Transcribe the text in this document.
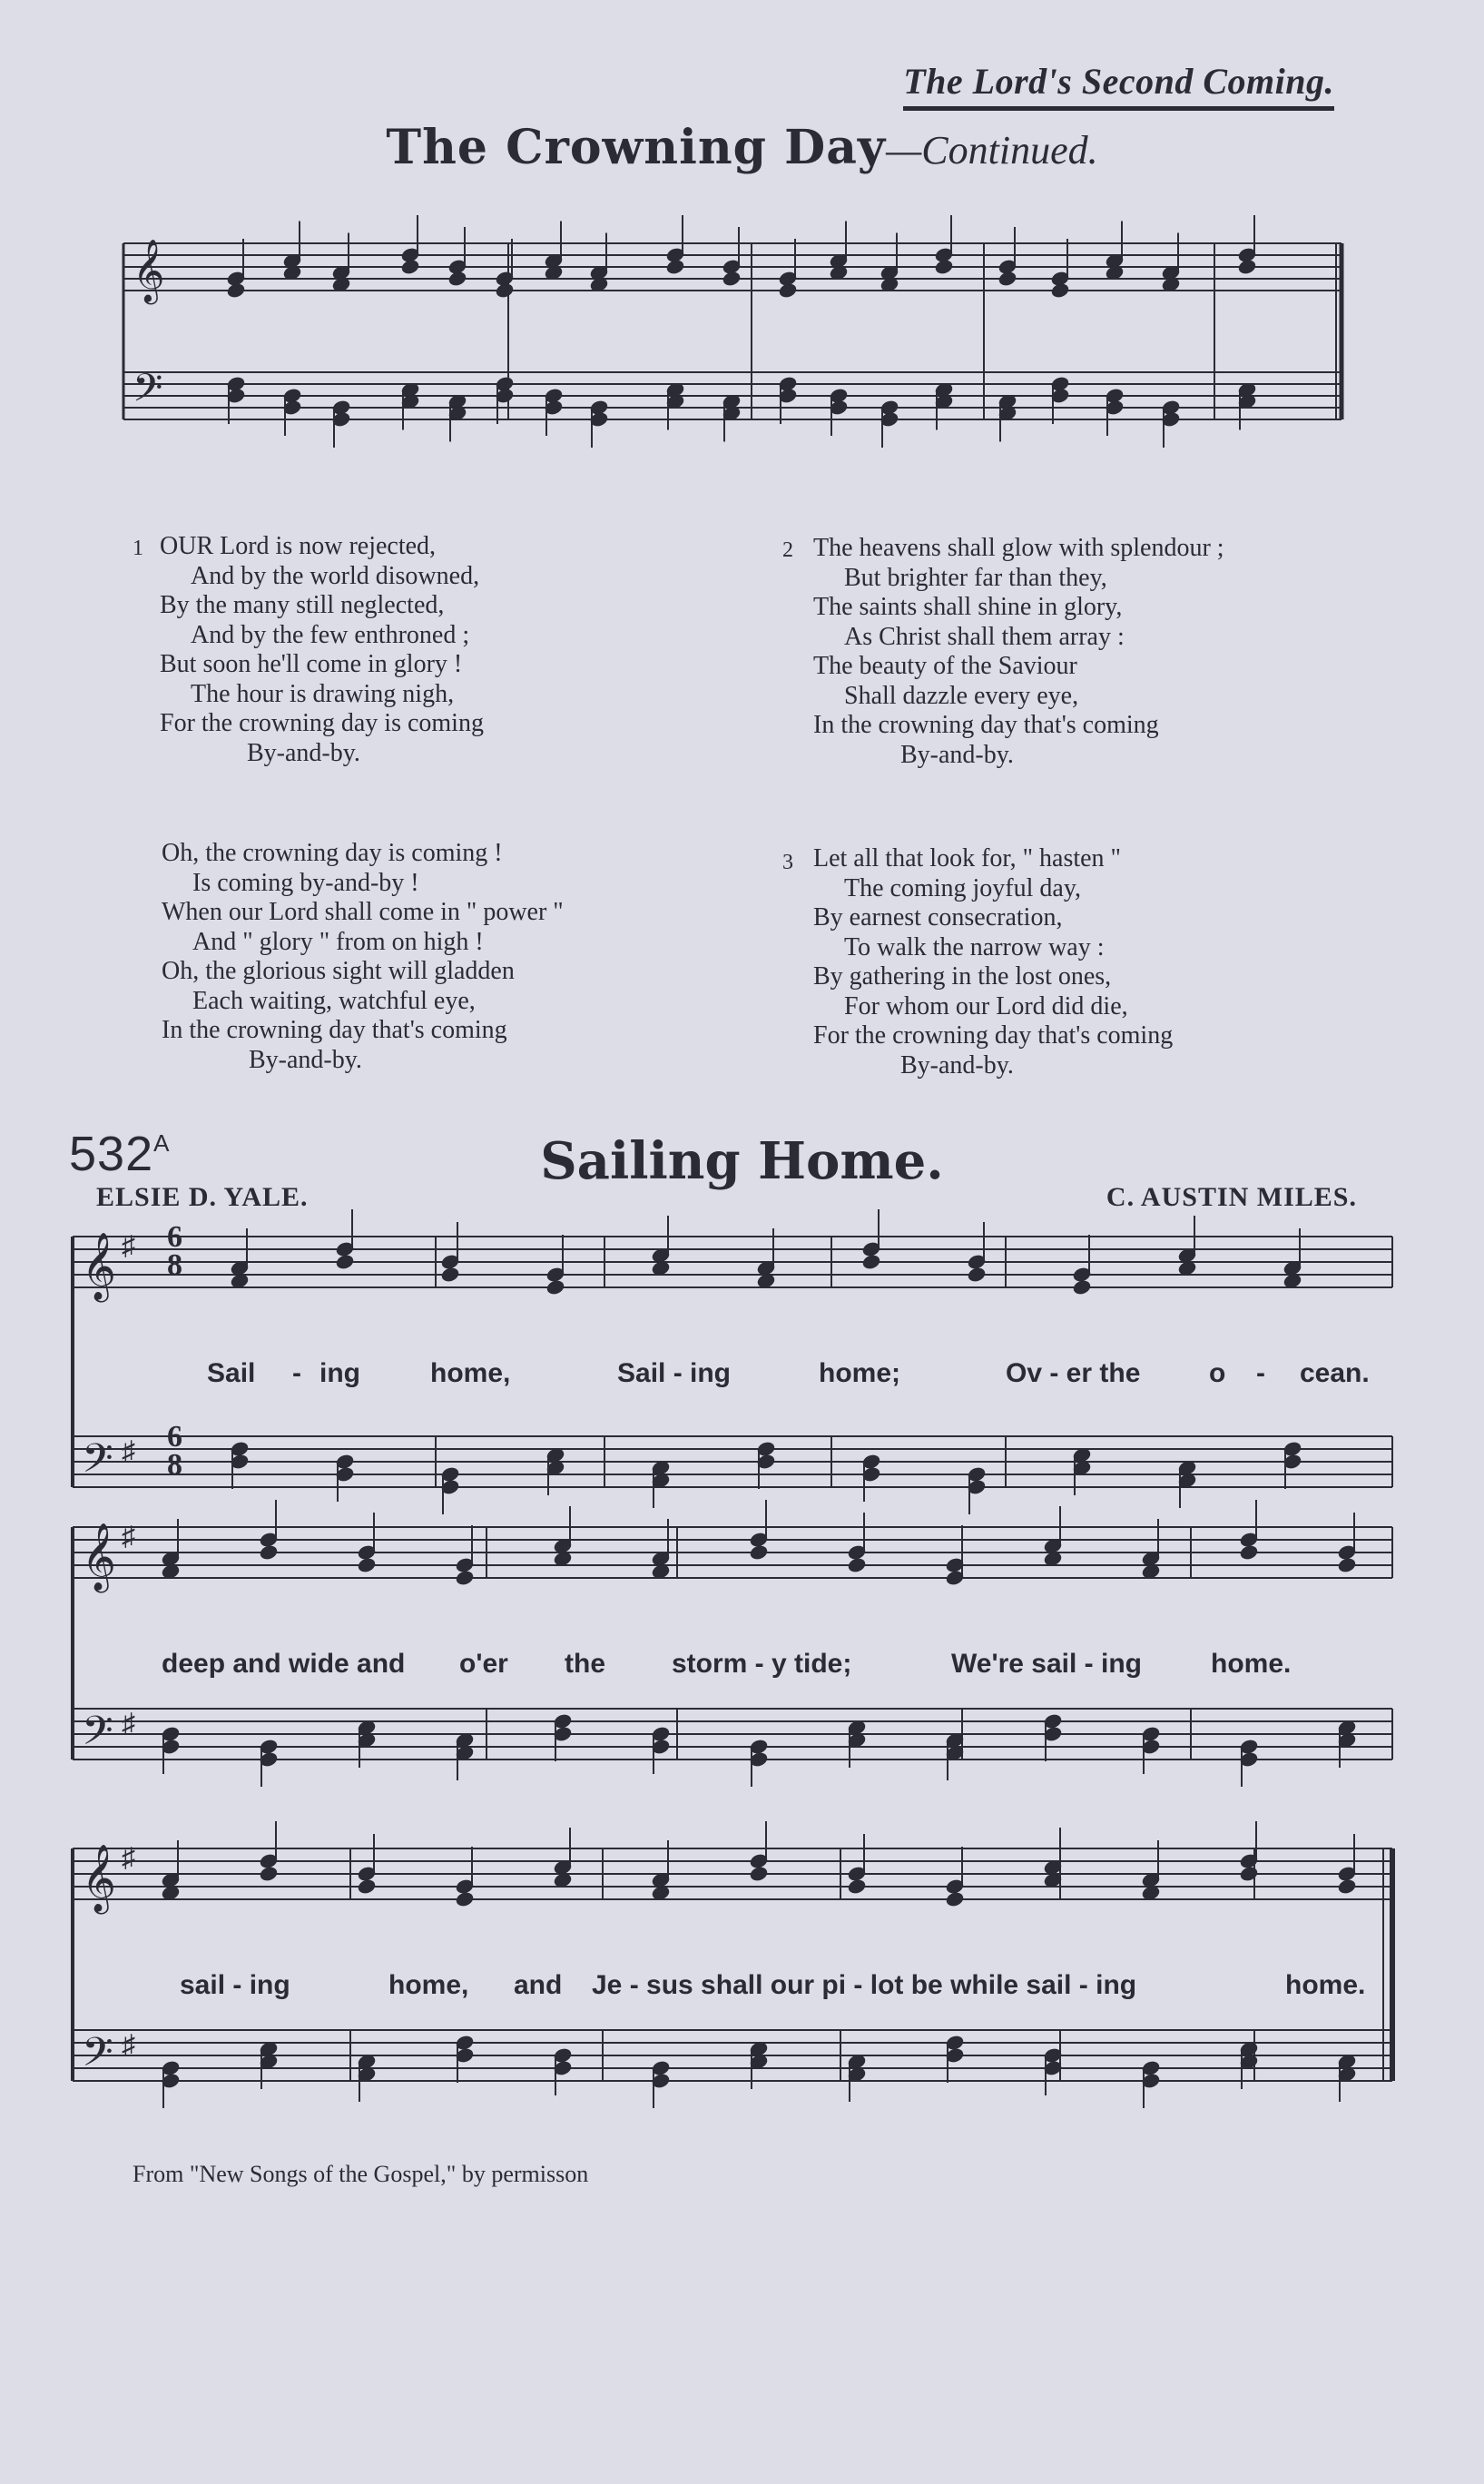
The Lord's Second Coming.
The Crowning Day—Continued.
𝄞
𝄢
1 OUR Lord is now rejected,
And by the world disowned,
By the many still neglected,
And by the few enthroned ;
But soon he'll come in glory !
The hour is drawing nigh,
For the crowning day is coming
By-and-by.
2 The heavens shall glow with splendour ;
But brighter far than they,
The saints shall shine in glory,
As Christ shall them array :
The beauty of the Saviour
Shall dazzle every eye,
In the crowning day that's coming
By-and-by.
Oh, the crowning day is coming !
Is coming by-and-by !
When our Lord shall come in " power "
And " glory " from on high !
Oh, the glorious sight will gladden
Each waiting, watchful eye,
In the crowning day that's coming
By-and-by.
3 Let all that look for, " hasten "
The coming joyful day,
By earnest consecration,
To walk the narrow way :
By gathering in the lost ones,
For whom our Lord did die,
For the crowning day that's coming
By-and-by.
$532^A$	Sailing Home.
ELSIE D. YALE.	C. AUSTIN MILES.
𝄞
𝄢
♯
♯
𝄞
𝄢
♯
♯
𝄞
𝄢
♯
♯
6
8
6
8
Sail - ing	home,	Sail - ing	home;	Ov - er the	o - cean.
deep and wide and o'er the storm - y tide;	We're sail - ing	home.
sail - ing	home, and Je - sus shall our pi - lot be while sail - ing	home.
From "New Songs of the Gospel," by permisson
